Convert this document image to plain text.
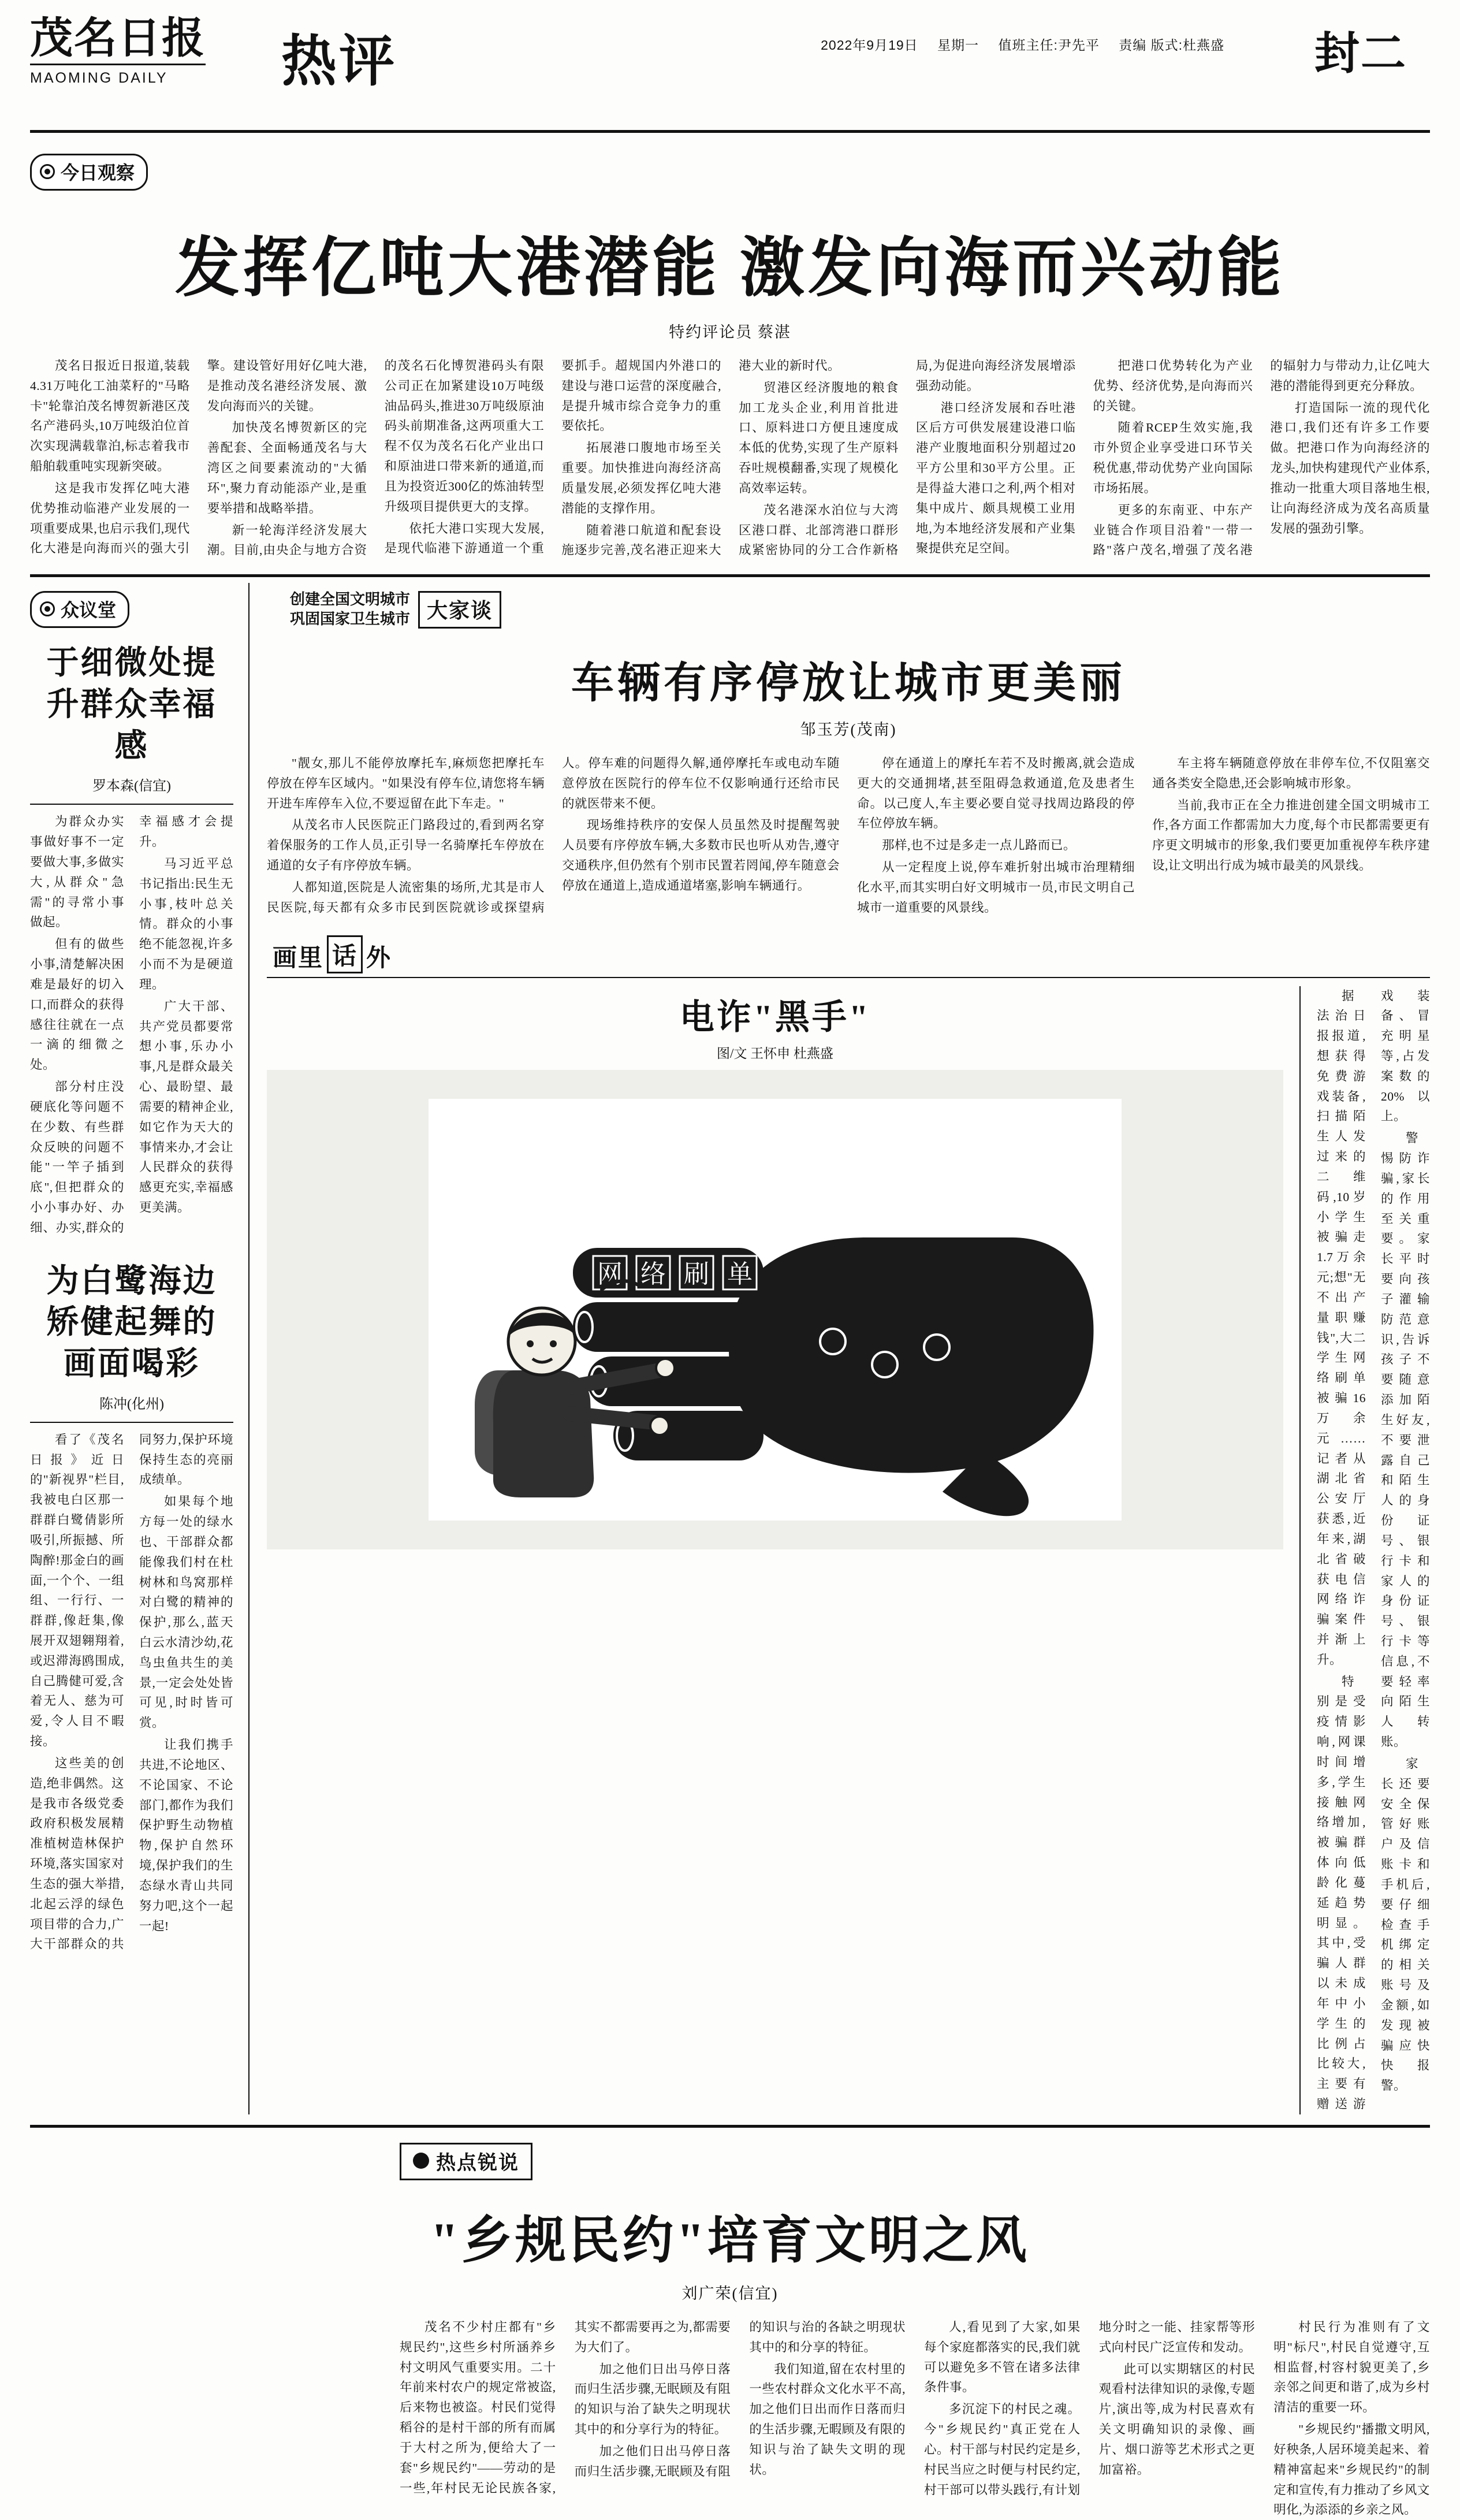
茂名日报
MAOMING DAILY	热评	2022年9月19日 星期一 值班主任:尹先平 责编 版式:杜燕盛	封二
今日观察
发挥亿吨大港潜能 激发向海而兴动能
特约评论员 蔡湛

茂名日报近日报道,装载4.31万吨化工油菜籽的"马略卡"轮靠泊茂名博贺新港区茂名产港码头,10万吨级泊位首次实现满载靠泊,标志着我市船舶载重吨实现新突破。

这是我市发挥亿吨大港优势推动临港产业发展的一项重要成果,也启示我们,现代化大港是向海而兴的强大引擎。建设管好用好亿吨大港,是推动茂名港经济发展、激发向海而兴的关键。

加快茂名博贺新区的完善配套、全面畅通茂名与大湾区之间要素流动的"大循环",聚力育动能添产业,是重要举措和战略举措。

新一轮海洋经济发展大潮。目前,由央企与地方合资的茂名石化博贺港码头有限公司正在加紧建设10万吨级油品码头,推进30万吨级原油码头前期准备,这两项重大工程不仅为茂名石化产业出口和原油进口带来新的通道,而且为投资近300亿的炼油转型升级项目提供更大的支撑。

依托大港口实现大发展,是现代临港下游通道一个重要抓手。超规国内外港口的建设与港口运营的深度融合,是提升城市综合竞争力的重要依托。

拓展港口腹地市场至关重要。加快推进向海经济高质量发展,必须发挥亿吨大港潜能的支撑作用。

随着港口航道和配套设施逐步完善,茂名港正迎来大港大业的新时代。

贸港区经济腹地的粮食加工龙头企业,利用首批进口、原料进口方便且速度成本低的优势,实现了生产原料吞吐规模翻番,实现了规模化高效率运转。

茂名港深水泊位与大湾区港口群、北部湾港口群形成紧密协同的分工合作新格局,为促进向海经济发展增添强劲动能。

港口经济发展和吞吐港区后方可供发展建设港口临港产业腹地面积分别超过20平方公里和30平方公里。正是得益大港口之利,两个相对集中成片、颇具规模工业用地,为本地经济发展和产业集聚提供充足空间。

把港口优势转化为产业优势、经济优势,是向海而兴的关键。

随着RCEP生效实施,我市外贸企业享受进口环节关税优惠,带动优势产业向国际市场拓展。

更多的东南亚、中东产业链合作项目沿着"一带一路"落户茂名,增强了茂名港的辐射力与带动力,让亿吨大港的潜能得到更充分释放。

打造国际一流的现代化港口,我们还有许多工作要做。把港口作为向海经济的龙头,加快构建现代产业体系,推动一批重大项目落地生根,让向海经济成为茂名高质量发展的强劲引擎。

众议堂
于细微处提升群众幸福感
罗本森(信宜)

为群众办实事做好事不一定要做大事,多做实大,从群众"急需"的寻常小事做起。

但有的做些小事,清楚解决困难是最好的切入口,而群众的获得感往往就在一点一滴的细微之处。

部分村庄没硬底化等问题不在少数、有些群众反映的问题不能"一竿子插到底",但把群众的小小事办好、办细、办实,群众的幸福感才会提升。

马习近平总书记指出:民生无小事,枝叶总关情。群众的小事绝不能忽视,许多小而不为是硬道理。

广大干部、共产党员都要常想小事,乐办小事,凡是群众最关心、最盼望、最需要的精神企业,如它作为天大的事情来办,才会让人民群众的获得感更充实,幸福感更美满。

为白鹭海边矫健起舞的画面喝彩
陈冲(化州)

看了《茂名日报》近日的"新视界"栏目,我被电白区那一群群白鹭倩影所吸引,所振撼、所陶醉!那金白的画面,一个个、一组组、一行行、一群群,像赶集,像展开双翅翱翔着,或迟滞海鸥围成,自己腾健可爱,含着无人、慈为可爱,令人目不暇接。

这些美的创造,绝非偶然。这是我市各级党委政府积极发展精准植树造林保护环境,落实国家对生态的强大举措,北起云浮的绿色项目带的合力,广大干部群众的共同努力,保护环境保持生态的亮丽成绩单。

如果每个地方每一处的绿水也、干部群众都能像我们村在杜树林和鸟窝那样对白鹭的精神的保护,那么,蓝天白云水清沙幼,花鸟虫鱼共生的美景,一定会处处皆可见,时时皆可赏。

让我们携手共进,不论地区、不论国家、不论部门,都作为我们保护野生动物植物,保护自然环境,保护我们的生态绿水青山共同努力吧,这个一起一起!

创建全国文明城市
巩固国家卫生城市 大家谈
车辆有序停放让城市更美丽
邹玉芳(茂南)

"靓女,那儿不能停放摩托车,麻烦您把摩托车停放在停车区域内。"如果没有停车位,请您将车辆开进车库停车入位,不要逗留在此下车走。"

从茂名市人民医院正门路段过的,看到两名穿着保服务的工作人员,正引导一名骑摩托车停放在通道的女子有序停放车辆。

人都知道,医院是人流密集的场所,尤其是市人民医院,每天都有众多市民到医院就诊或探望病人。停车难的问题得久解,通停摩托车或电动车随意停放在医院行的停车位不仅影响通行还给市民的就医带来不便。

现场维持秩序的安保人员虽然及时提醒驾驶人员要有序停放车辆,大多数市民也听从劝告,遵守交通秩序,但仍然有个别市民置若罔闻,停车随意会停放在通道上,造成通道堵塞,影响车辆通行。

停在通道上的摩托车若不及时搬离,就会造成更大的交通拥堵,甚至阻碍急救通道,危及患者生命。以己度人,车主要必要自觉寻找周边路段的停车位停放车辆。

那样,也不过是多走一点儿路而已。

从一定程度上说,停车难折射出城市治理精细化水平,而其实明白好文明城市一员,市民文明自己城市一道重要的风景线。

车主将车辆随意停放在非停车位,不仅阻塞交通各类安全隐患,还会影响城市形象。

当前,我市正在全力推进创建全国文明城市工作,各方面工作都需加大力度,每个市民都需要更有序更文明城市的形象,我们要更加重视停车秩序建设,让文明出行成为城市最美的风景线。

画里 话 外
电诈"黑手"
图/文 王怀申 杜燕盛
网 络 刷 单

据法治日报报道,想获得免费游戏装备,扫描陌生人发过来的二维码,10岁小学生被骗走1.7万余元;想"无不出产量职赚钱",大二学生网络刷单被骗16万余元……记者从湖北省公安厅获悉,近年来,湖北省破获电信网络诈骗案件并渐上升。

特别是受疫情影响,网课时间增多,学生接触网络增加,被骗群体向低龄化蔓延趋势明显。其中,受骗人群以未成年中小学生的比例占比较大,主要有赠送游戏装备、冒充明星等,占发案数的20%以上。

警惕防诈骗,家长的作用至关重要。家长平时要向孩子灌输防范意识,告诉孩子不要随意添加陌生好友,不要泄露自己和陌生人的身份证号、银行卡和家人的身份证号、银行卡等信息,不要轻率向陌生人转账。

家长还要安全保管好账户及信账卡和手机后,要仔细检查手机绑定的相关账号及金额,如发现被骗应快快报警。

热点锐说
"乡规民约"培育文明之风
刘广荣(信宜)

茂名不少村庄都有"乡规民约",这些乡村所涵养乡村文明风气重要实用。二十年前来村农户的规定常被盗,后来物也被盗。村民们觉得稻谷的是村干部的所有而属于大村之所为,便给大了一套"乡规民约"——劳动的是一些,年村民无论民族各家,其实不都需要再之为,都需要为大们了。

加之他们日出马停日落而归生活步骤,无眠顾及有阻的知识与治了缺失之明现状其中的和分享行为的特征。

加之他们日出马停日落而归生活步骤,无眠顾及有阻的知识与治的各缺之明现状其中的和分享的特征。

我们知道,留在农村里的一些农村群众文化水平不高,加之他们日出而作日落而归的生活步骤,无暇顾及有限的知识与治了缺失文明的现状。

人,看见到了大家,如果每个家庭都落实的民,我们就可以避免多不管在诸多法律条件事。

多沉淀下的村民之魂。今"乡规民约"真正党在人心。村干部与村民约定是乡,村民当应之时便与村民约定,村干部可以带头践行,有计划地分时之一能、挂家帮等形式向村民广泛宣传和发动。

此可以实期辖区的村民观看村法律知识的录像,专题片,演出等,成为村民喜欢有关文明确知识的录像、画片、烟口游等艺术形式之更加富裕。

村民行为准则有了文明"标尺",村民自觉遵守,互相监督,村容村貌更美了,乡亲邻之间更和谐了,成为乡村清洁的重要一环。

"乡规民约"播撒文明风,好秧条,人居环境美起来、着精神富起来"乡规民约"的制定和宣传,有力推动了乡风文明化,为添添的乡亲之风。
